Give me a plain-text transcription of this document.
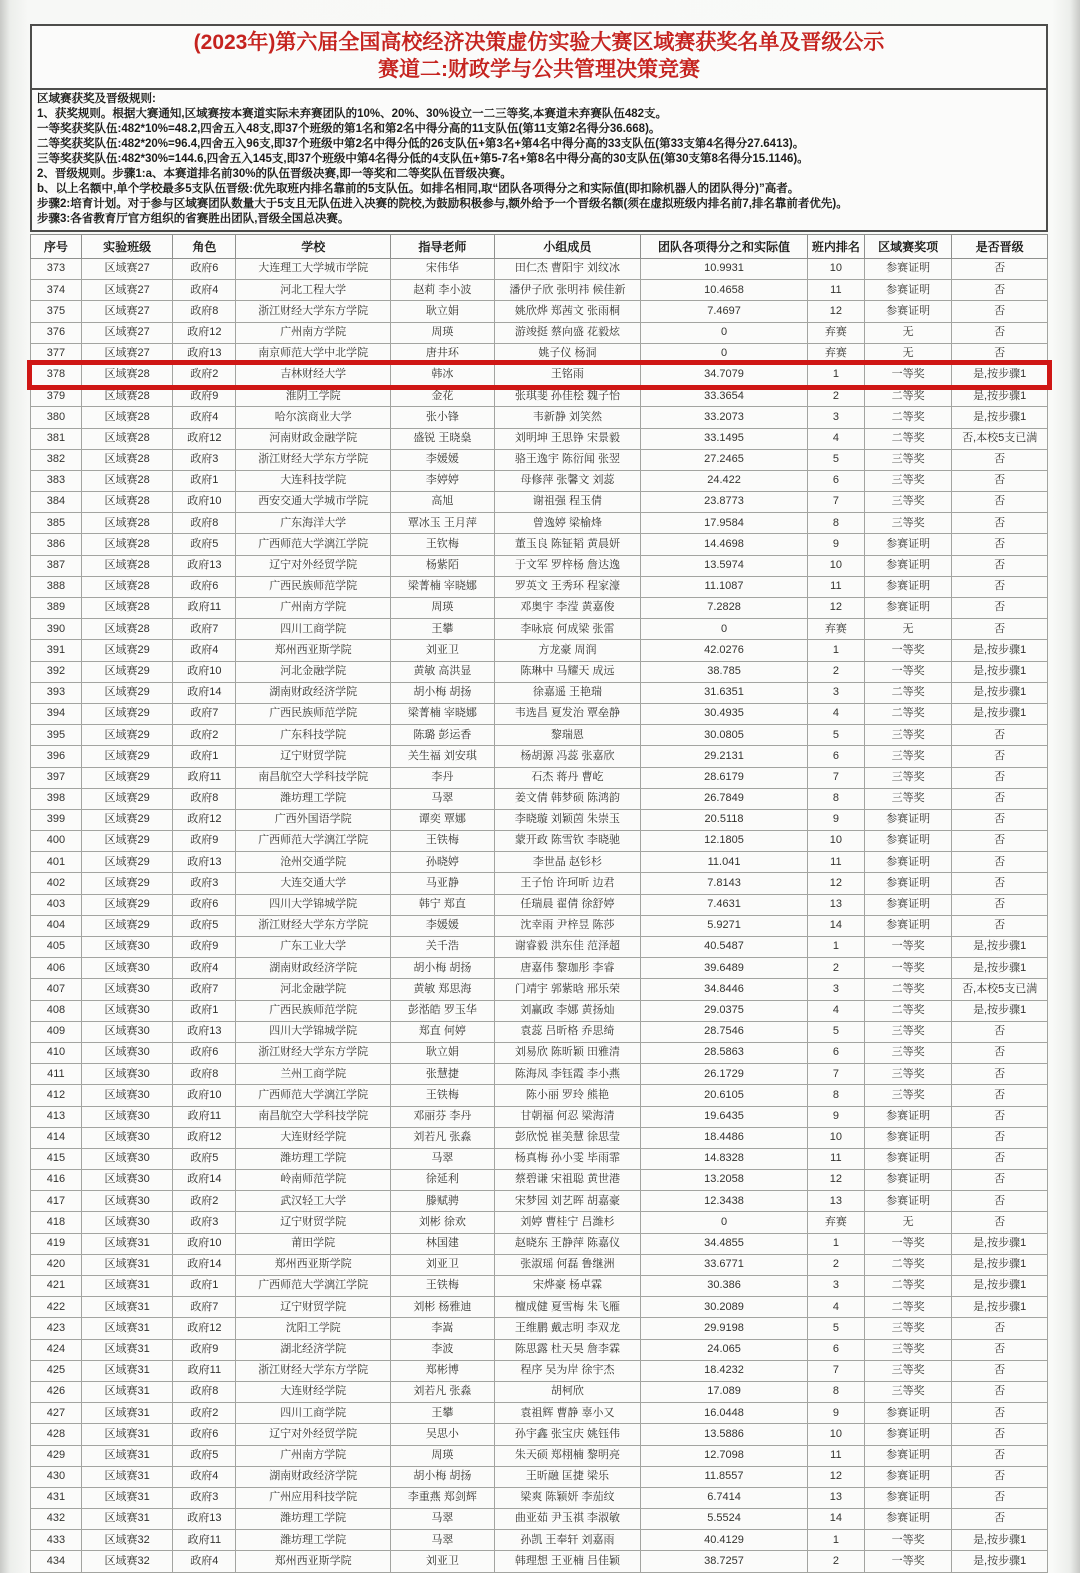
(2023年)第六届全国高校经济决策虚仿实验大赛区域赛获奖名单及晋级公示
赛道二:财政学与公共管理决策竞赛
区域赛获奖及晋级规则:
1、获奖规则。根据大赛通知,区域赛按本赛道实际未弃赛团队的10%、20%、30%设立一二三等奖,本赛道未弃赛队伍482支。
一等奖获奖队伍:482*10%=48.2,四舍五入48支,即37个班级的第1名和第2名中得分高的11支队伍(第11支第2名得分36.668)。
二等奖获奖队伍:482*20%=96.4,四舍五入96支,即37个班级中第2名中得分低的26支队伍+第3名+第4名中得分高的33支队伍(第33支第4名得分27.6413)。
三等奖获奖队伍:482*30%=144.6,四舍五入145支,即37个班级中第4名得分低的4支队伍+第5-7名+第8名中得分高的30支队伍(第30支第8名得分15.1146)。
2、晋级规则。步骤1:a、本赛道排名前30%的队伍晋级决赛,即一等奖和二等奖队伍晋级决赛。
b、以上名额中,单个学校最多5支队伍晋级:优先取班内排名靠前的5支队伍。如排名相同,取“团队各项得分之和实际值(即扣除机器人的团队得分)”高者。
步骤2:培育计划。对于参与区域赛团队数量大于5支且无队伍进入决赛的院校,为鼓励积极参与,额外给予一个晋级名额(须在虚拟班级内排名前7,排名靠前者优先)。
步骤3:各省教育厅官方组织的省赛胜出团队,晋级全国总决赛。
序号	实验班级	角色	学校	指导老师	小组成员	团队各项得分之和实际值	班内排名	区域赛奖项	是否晋级
373	区域赛27	政府6	大连理工大学城市学院	宋伟华	田仁杰 曹阳宇 刘纹冰	10.9931	10	参赛证明	否
374	区域赛27	政府4	河北工程大学	赵莉 李小波	潘伊子欣 张明祎 候佳新	10.4658	11	参赛证明	否
375	区域赛27	政府8	浙江财经大学东方学院	耿立娟	姚欣烨 郑茜文 张雨桐	7.4697	12	参赛证明	否
376	区域赛27	政府12	广州南方学院	周瑛	游竣挺 蔡向盛 花毅炫	0	弃赛	无	否
377	区域赛27	政府13	南京师范大学中北学院	唐井环	姚子仪 杨洞	0	弃赛	无	否
378	区域赛28	政府2	吉林财经大学	韩冰	王铭雨	34.7079	1	一等奖	是,按步骤1
379	区域赛28	政府9	淮阴工学院	金花	张琪斐 孙佳桧 魏子怡	33.3654	2	二等奖	是,按步骤1
380	区域赛28	政府4	哈尔滨商业大学	张小锋	韦新静 刘笑然	33.2073	3	二等奖	是,按步骤1
381	区域赛28	政府12	河南财政金融学院	盛锐 王晓燊	刘明坤 王思铮 宋景毅	33.1495	4	二等奖	否,本校5支已满
382	区域赛28	政府3	浙江财经大学东方学院	李媛媛	骆王逸宇 陈衍闻 张翌	27.2465	5	三等奖	否
383	区域赛28	政府1	大连科技学院	李婷婷	母修萍 张馨文 刘蕊	24.422	6	三等奖	否
384	区域赛28	政府10	西安交通大学城市学院	高旭	谢祖强 程玉倩	23.8773	7	三等奖	否
385	区域赛28	政府8	广东海洋大学	覃冰玉 王月萍	曾逸婷 梁榆烽	17.9584	8	三等奖	否
386	区域赛28	政府5	广西师范大学漓江学院	王钦梅	董玉良 陈钲韬 黄晨妍	14.4698	9	参赛证明	否
387	区域赛28	政府13	辽宁对外经贸学院	杨紫陌	于文军 罗梓杨 詹达逸	13.5974	10	参赛证明	否
388	区域赛28	政府6	广西民族师范学院	梁菁楠 宰晓娜	罗英文 王秀环 程家濠	11.1087	11	参赛证明	否
389	区域赛28	政府11	广州南方学院	周瑛	邓奥宇 李滢 黄嘉俊	7.2828	12	参赛证明	否
390	区域赛28	政府7	四川工商学院	王攀	李咏宸 何成梁 张雷	0	弃赛	无	否
391	区域赛29	政府4	郑州西亚斯学院	刘亚卫	方龙豪 周润	42.0276	1	一等奖	是,按步骤1
392	区域赛29	政府10	河北金融学院	黄敏 高洪显	陈琳中 马耀天 成远	38.785	2	一等奖	是,按步骤1
393	区域赛29	政府14	湖南财政经济学院	胡小梅 胡扬	徐嘉遥 王艳瑞	31.6351	3	二等奖	是,按步骤1
394	区域赛29	政府7	广西民族师范学院	梁菁楠 宰晓娜	韦选昌 夏发治 覃垒静	30.4935	4	二等奖	是,按步骤1
395	区域赛29	政府2	广东科技学院	陈璐 彭运香	黎瑞恩	30.0805	5	三等奖	否
396	区域赛29	政府1	辽宁财贸学院	关生福 刘安琪	杨胡源 冯蕊 张嘉欣	29.2131	6	三等奖	否
397	区域赛29	政府11	南昌航空大学科技学院	李丹	石杰 蒋丹 曹屹	28.6179	7	三等奖	否
398	区域赛29	政府8	潍坊理工学院	马翠	姜文倩 韩梦硕 陈鸿韵	26.7849	8	三等奖	否
399	区域赛29	政府12	广西外国语学院	谭奕 覃娜	李晓璇 刘颖茵 朱崇玉	20.5118	9	参赛证明	否
400	区域赛29	政府9	广西师范大学漓江学院	王铁梅	蒙开政 陈雪钦 李晓驰	12.1805	10	参赛证明	否
401	区域赛29	政府13	沧州交通学院	孙晓婷	李世晶 赵钐杉	11.041	11	参赛证明	否
402	区域赛29	政府3	大连交通大学	马亚静	王子怡 许珂昕 边君	7.8143	12	参赛证明	否
403	区域赛29	政府6	四川大学锦城学院	韩宁 郑直	任瑞晨 翟倩 徐舒婷	7.4631	13	参赛证明	否
404	区域赛29	政府5	浙江财经大学东方学院	李媛媛	沈幸雨 尹梓昱 陈莎	5.9271	14	参赛证明	否
405	区域赛30	政府9	广东工业大学	关千浩	谢睿毅 洪东佳 范泽超	40.5487	1	一等奖	是,按步骤1
406	区域赛30	政府4	湖南财政经济学院	胡小梅 胡扬	唐嘉伟 黎珈彤 李睿	39.6489	2	一等奖	是,按步骤1
407	区域赛30	政府7	河北金融学院	黄敏 郑思海	门靖宇 郭紫晗 邢乐荣	34.8446	3	二等奖	否,本校5支已满
408	区域赛30	政府1	广西民族师范学院	彭湉皓 罗玉华	刘赢政 李娜 黄扬灿	29.0375	4	二等奖	是,按步骤1
409	区域赛30	政府13	四川大学锦城学院	郑直 何婷	袁蕊 吕昕格 乔思绮	28.7546	5	三等奖	否
410	区域赛30	政府6	浙江财经大学东方学院	耿立娟	刘易欣 陈昕颖 田雅清	28.5863	6	三等奖	否
411	区域赛30	政府8	兰州工商学院	张慧捷	陈海凤 李钰霞 李小燕	26.1729	7	三等奖	否
412	区域赛30	政府10	广西师范大学漓江学院	王铁梅	陈小丽 罗玲 熊艳	20.6105	8	三等奖	否
413	区域赛30	政府11	南昌航空大学科技学院	邓丽芬 李丹	甘朝福 何忍 梁海清	19.6435	9	参赛证明	否
414	区域赛30	政府12	大连财经学院	刘若凡 张淼	彭欣悦 崔美慧 徐思莹	18.4486	10	参赛证明	否
415	区域赛30	政府5	潍坊理工学院	马翠	杨真梅 孙小雯 毕雨霏	14.8328	11	参赛证明	否
416	区域赛30	政府14	岭南师范学院	徐延利	蔡碧谦 宋祖聪 黄世港	13.2058	12	参赛证明	否
417	区域赛30	政府2	武汉轻工大学	滕赋骋	宋梦园 刘艺晖 胡嘉豪	12.3438	13	参赛证明	否
418	区域赛30	政府3	辽宁财贸学院	刘彬 徐欢	刘婷 曹桂宁 吕潍杉	0	弃赛	无	否
419	区域赛31	政府10	莆田学院	林国建	赵晓东 王静萍 陈嘉仪	34.4855	1	一等奖	是,按步骤1
420	区域赛31	政府14	郑州西亚斯学院	刘亚卫	张淑瑶 何磊 鲁继洲	33.6771	2	二等奖	是,按步骤1
421	区域赛31	政府1	广西师范大学漓江学院	王铁梅	宋烨豪 杨卓霖	30.386	3	二等奖	是,按步骤1
422	区域赛31	政府7	辽宁财贸学院	刘彬 杨雅迪	檀成健 夏雪梅 朱飞雁	30.2089	4	二等奖	是,按步骤1
423	区域赛31	政府12	沈阳工学院	李嵩	王维鹏 戴志明 李双龙	29.9198	5	三等奖	否
424	区域赛31	政府9	湖北经济学院	李波	陈思露 杜天昊 詹李霖	24.065	6	三等奖	否
425	区域赛31	政府11	浙江财经大学东方学院	郑彬博	程序 吴为岸 徐宇杰	18.4232	7	三等奖	否
426	区域赛31	政府8	大连财经学院	刘若凡 张淼	胡柯欣	17.089	8	三等奖	否
427	区域赛31	政府2	四川工商学院	王攀	袁祖辉 曹静 辜小又	16.0448	9	参赛证明	否
428	区域赛31	政府6	辽宁对外经贸学院	吴思小	孙宇鑫 张宝庆 姚钰伟	13.5886	10	参赛证明	否
429	区域赛31	政府5	广州南方学院	周瑛	朱天硕 郑栩楠 黎明亮	12.7098	11	参赛证明	否
430	区域赛31	政府4	湖南财政经济学院	胡小梅 胡扬	王昕融 匡捷 梁乐	11.8557	12	参赛证明	否
431	区域赛31	政府3	广州应用科技学院	李重燕 郑剑辉	梁爽 陈颖妍 李茄纹	6.7414	13	参赛证明	否
432	区域赛31	政府13	潍坊理工学院	马翠	曲亚茹 尹玉祺 李淑敏	5.5524	14	参赛证明	否
433	区域赛32	政府11	潍坊理工学院	马翠	孙凯 王奉轩 刘嘉雨	40.4129	1	一等奖	是,按步骤1
434	区域赛32	政府4	郑州西亚斯学院	刘亚卫	韩理想 王亚楠 吕佳颖	38.7257	2	一等奖	是,按步骤1
